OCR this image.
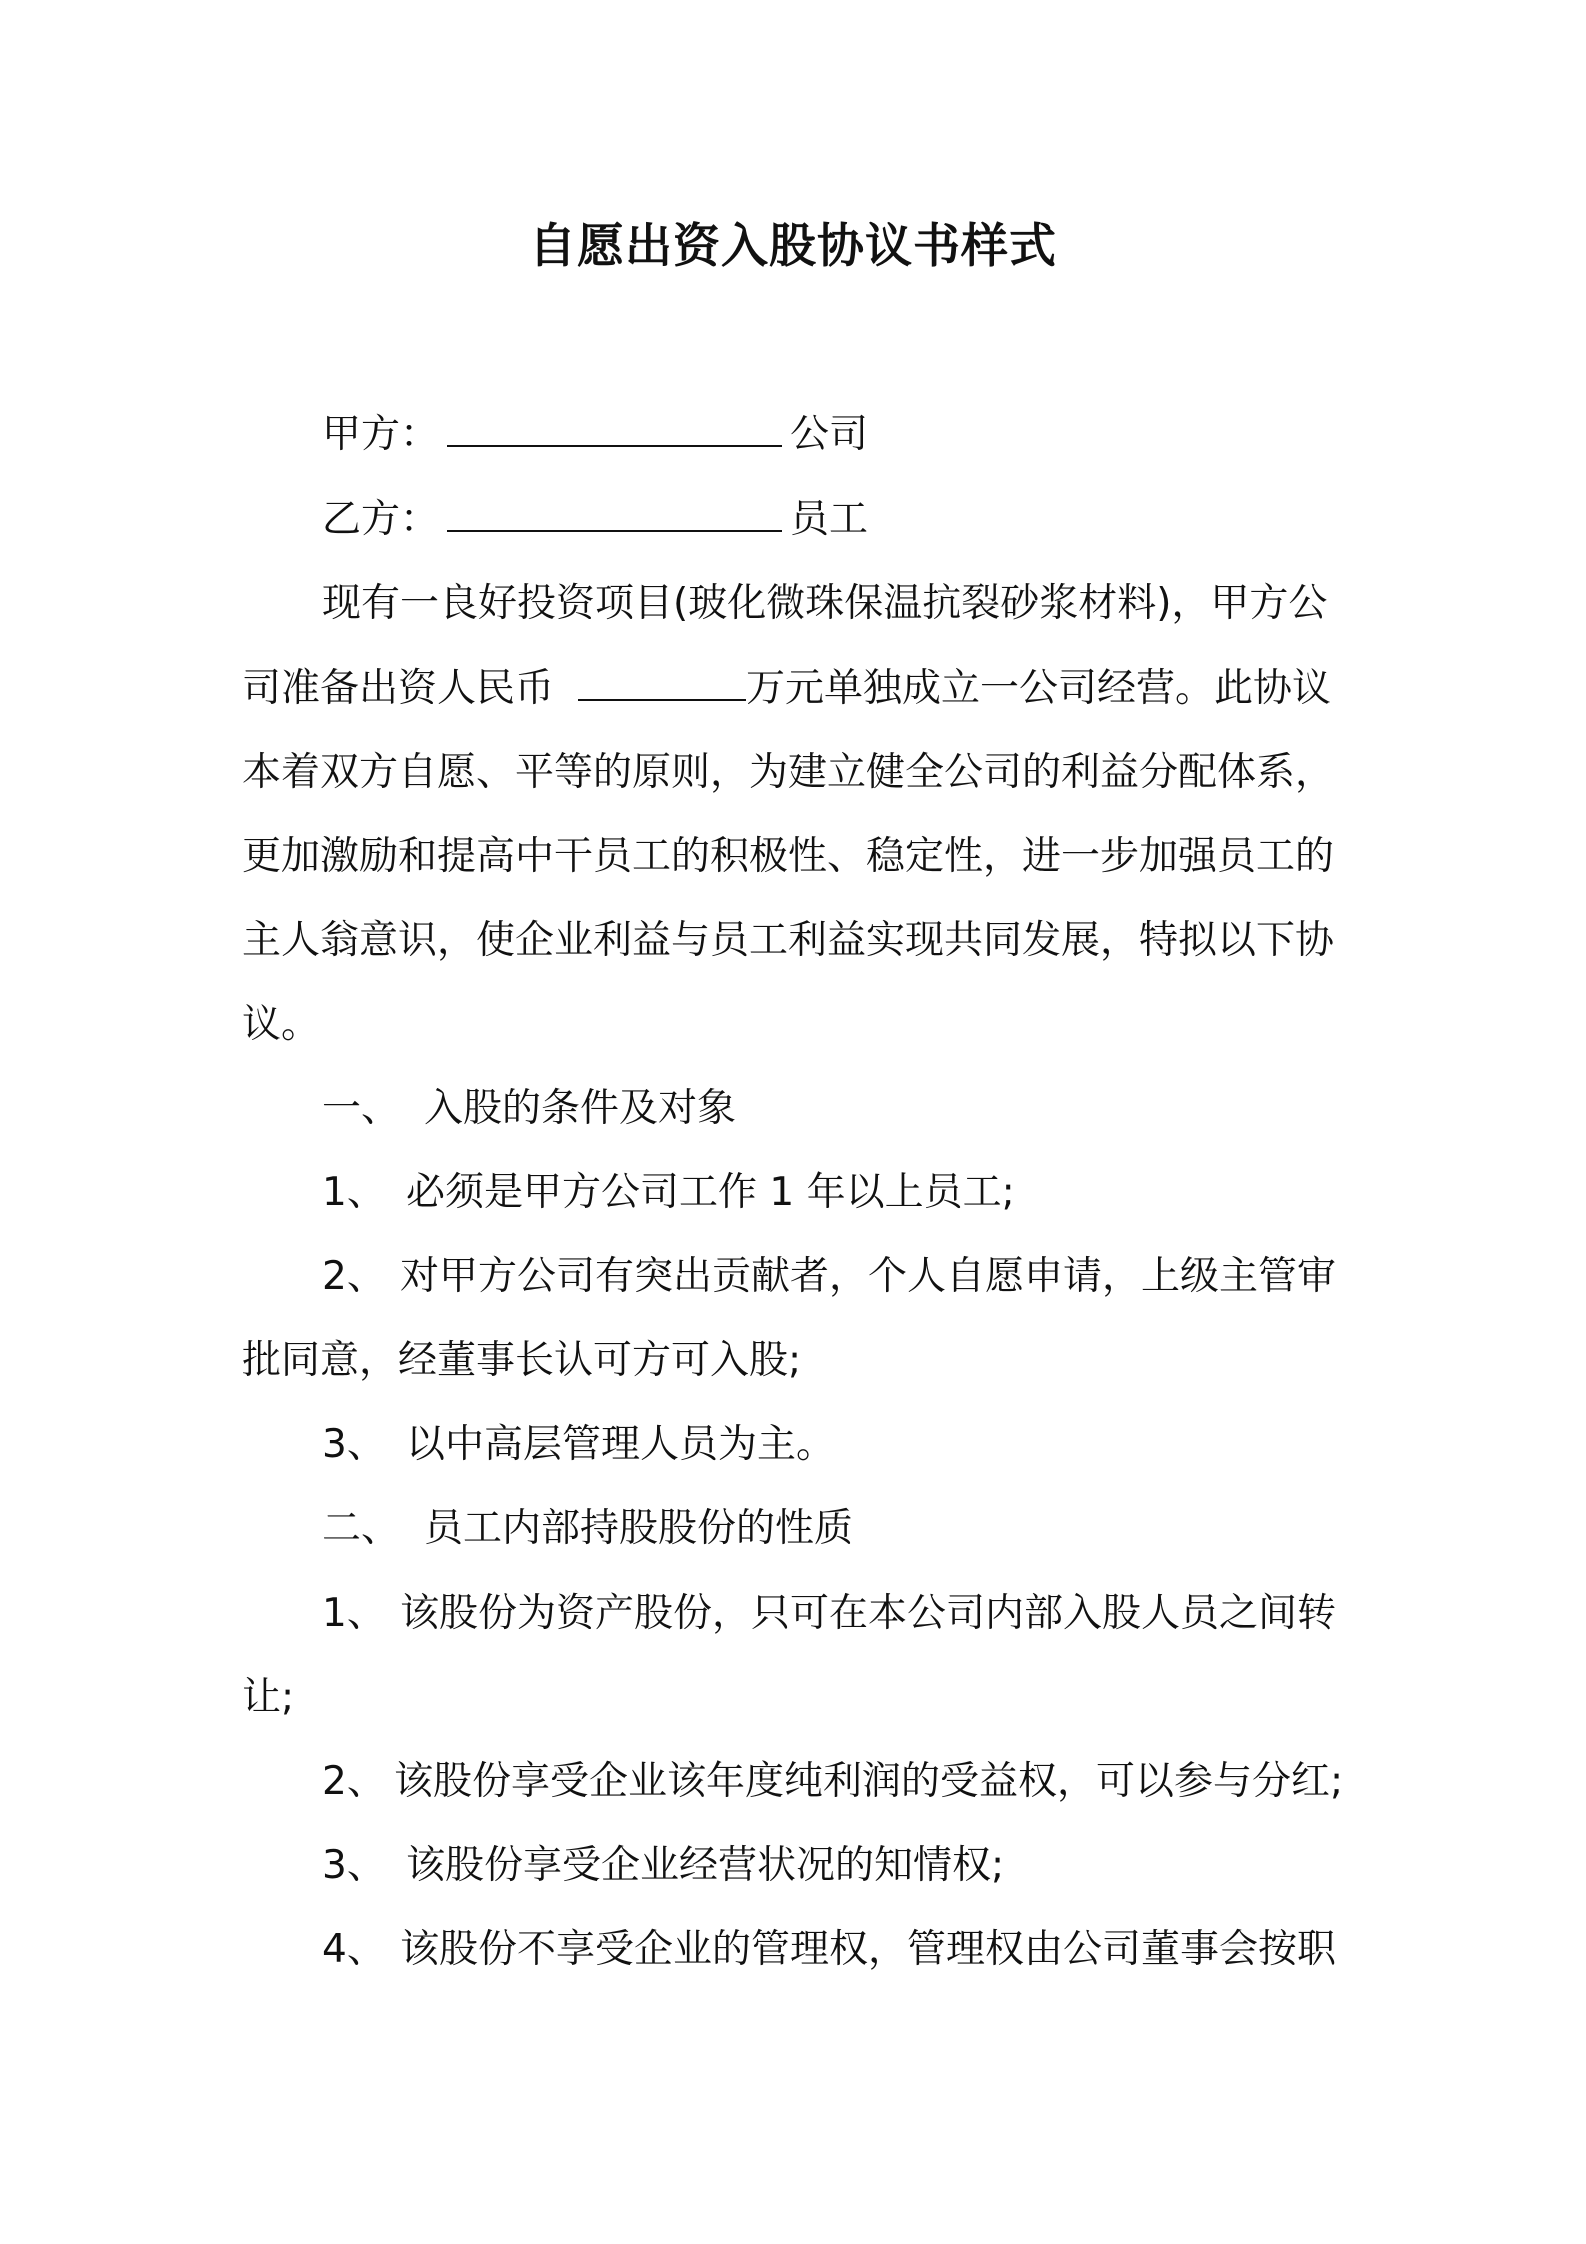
自愿出资入股协议书样式

甲方：	公司

乙方：	员工

现有一良好投资项目(玻化微珠保温抗裂砂浆材料)，甲方公

司准备出资人民币	万元单独成立一公司经营。此协议

本着双方自愿、平等的原则，为建立健全公司的利益分配体系，

更加激励和提高中干员工的积极性、稳定性，进一步加强员工的

主人翁意识，使企业利益与员工利益实现共同发展，特拟以下协

议。

一、 入股的条件及对象

1、 必须是甲方公司工作 1 年以上员工;

2、 对甲方公司有突出贡献者，个人自愿申请，上级主管审

批同意，经董事长认可方可入股;

3、 以中高层管理人员为主。

二、 员工内部持股股份的性质

1、 该股份为资产股份，只可在本公司内部入股人员之间转

让;

2、 该股份享受企业该年度纯利润的受益权，可以参与分红;

3、 该股份享受企业经营状况的知情权;

4、 该股份不享受企业的管理权，管理权由公司董事会按职
